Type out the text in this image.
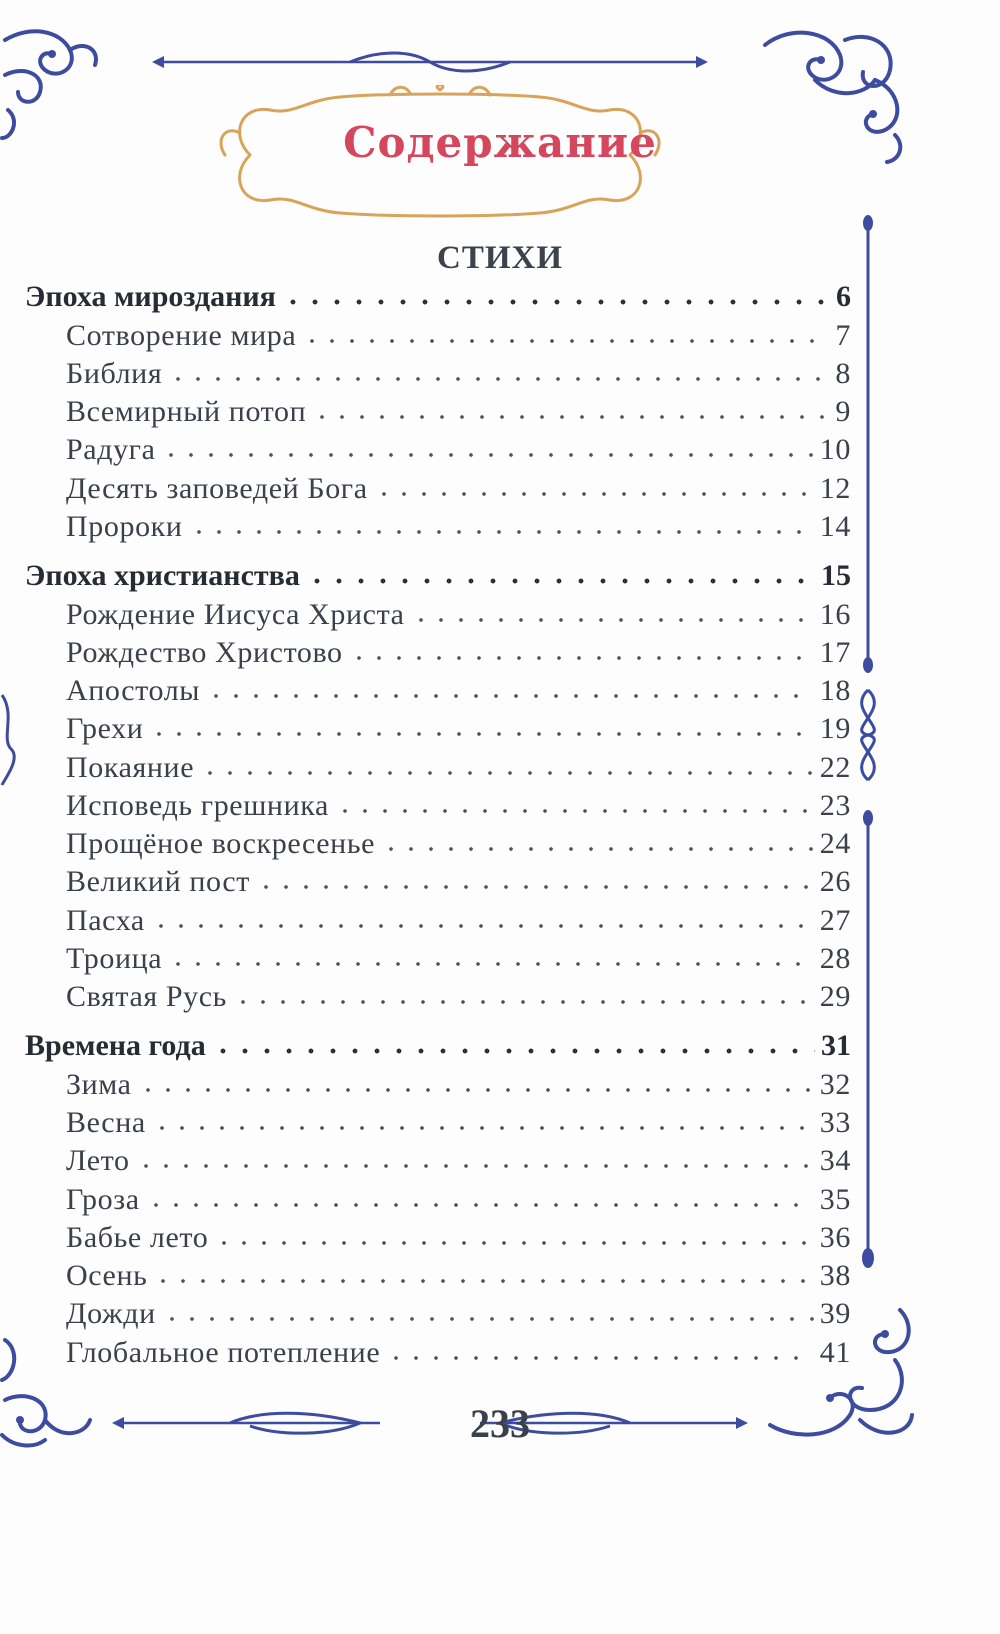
Содержание
СТИХИ
Эпоха мироздания	6
Сотворение мира	7
Библия	8
Всемирный потоп	9
Радуга	10
Десять заповедей Бога	12
Пророки	14
Эпоха христианства	15
Рождение Иисуса Христа	16
Рождество Христово	17
Апостолы	18
Грехи	19
Покаяние	22
Исповедь грешника	23
Прощёное воскресенье	24
Великий пост	26
Пасха	27
Троица	28
Святая Русь	29
Времена года	31
Зима	32
Весна	33
Лето	34
Гроза	35
Бабье лето	36
Осень	38
Дожди	39
Глобальное потепление	41
233
